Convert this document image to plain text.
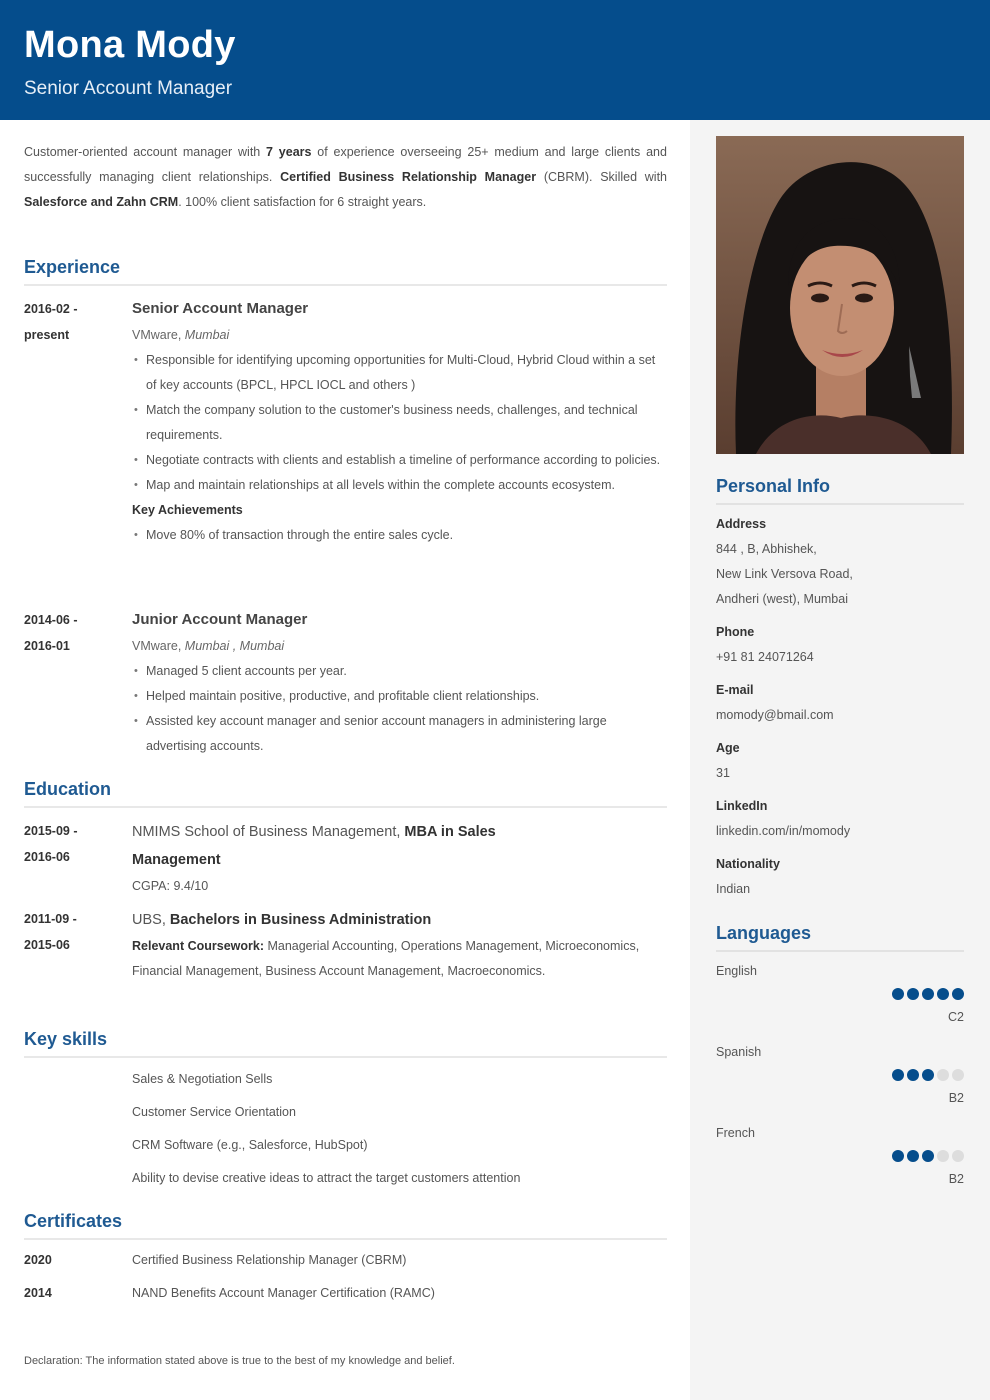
Mona Mody
Senior Account Manager
Customer-oriented account manager with 7 years of experience overseeing 25+ medium and large clients and successfully managing client relationships. Certified Business Relationship Manager (CBRM). Skilled with Salesforce and Zahn CRM. 100% client satisfaction for 6 straight years.
Experience
2016-02 -
present
Senior Account Manager
VMware, Mumbai
• Responsible for identifying upcoming opportunities for Multi-Cloud, Hybrid Cloud within a set of key accounts (BPCL, HPCL IOCL and others )
• Match the company solution to the customer's business needs, challenges, and technical requirements.
• Negotiate contracts with clients and establish a timeline of performance according to policies.
• Map and maintain relationships at all levels within the complete accounts ecosystem.
Key Achievements
• Move 80% of transaction through the entire sales cycle.
2014-06 -
2016-01
Junior Account Manager
VMware, Mumbai , Mumbai
• Managed 5 client accounts per year.
• Helped maintain positive, productive, and profitable client relationships.
• Assisted key account manager and senior account managers in administering large advertising accounts.
Education
2015-09 -
2016-06
NMIMS School of Business Management, MBA in Sales
Management
CGPA: 9.4/10
2011-09 -
2015-06
UBS, Bachelors in Business Administration
Relevant Coursework: Managerial Accounting, Operations Management, Microeconomics, Financial Management, Business Account Management, Macroeconomics.
Key skills
Sales & Negotiation Sells
Customer Service Orientation
CRM Software (e.g., Salesforce, HubSpot)
Ability to devise creative ideas to attract the target customers attention
Certificates
2020	Certified Business Relationship Manager (CBRM)
2014	NAND Benefits Account Manager Certification (RAMC)
Declaration: The information stated above is true to the best of my knowledge and belief.
Personal Info
Address
844 , B, Abhishek,
New Link Versova Road,
Andheri (west), Mumbai
Phone
+91 81 24071264
E-mail
momody@bmail.com
Age
31
LinkedIn
linkedin.com/in/momody
Nationality
Indian
Languages
English
C2
Spanish
B2
French
B2
